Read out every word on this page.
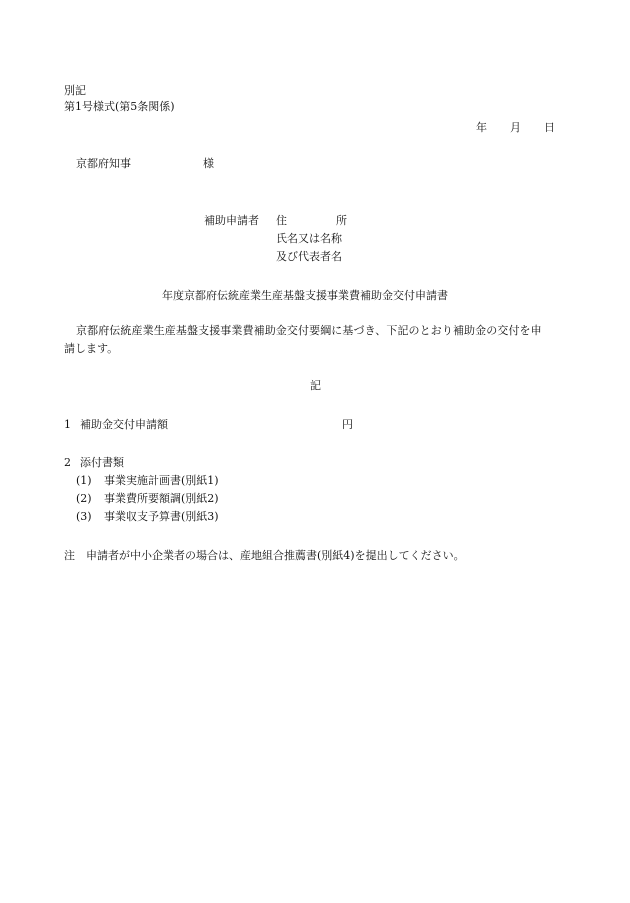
別記
第1号様式(第5条関係)
年 月 日
京都府知事	様
補助申請者 住	所
氏名又は名称
及び代表者名
年度京都府伝統産業生産基盤支援事業費補助金交付申請書
京都府伝統産業生産基盤支援事業費補助金交付要綱に基づき、下記のとおり補助金の交付を申
請します。
記
1 補助金交付申請額	円
2 添付書類
(1) 事業実施計画書(別紙1)
(2) 事業費所要額調(別紙2)
(3) 事業収支予算書(別紙3)
注 申請者が中小企業者の場合は、産地組合推薦書(別紙4)を提出してください。
